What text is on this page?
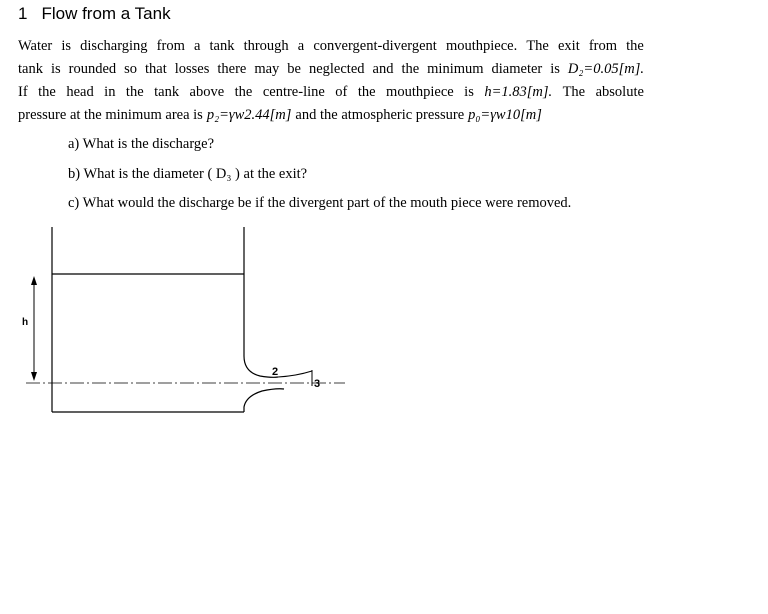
1 Flow from a Tank
Water is discharging from a tank through a convergent-divergent mouthpiece. The exit from the
tank is rounded so that losses there may be neglected and the minimum diameter is D₂=0.05[m].
If the head in the tank above the centre-line of the mouthpiece is h=1.83[m]. The absolute
pressure at the minimum area is p₂=γw2.44[m] and the atmospheric pressure p₀=γw10[m]
a) What is the discharge?
b) What is the diameter ( D₃ ) at the exit?
c) What would the discharge be if the divergent part of the mouth piece were removed.
h
2
3
